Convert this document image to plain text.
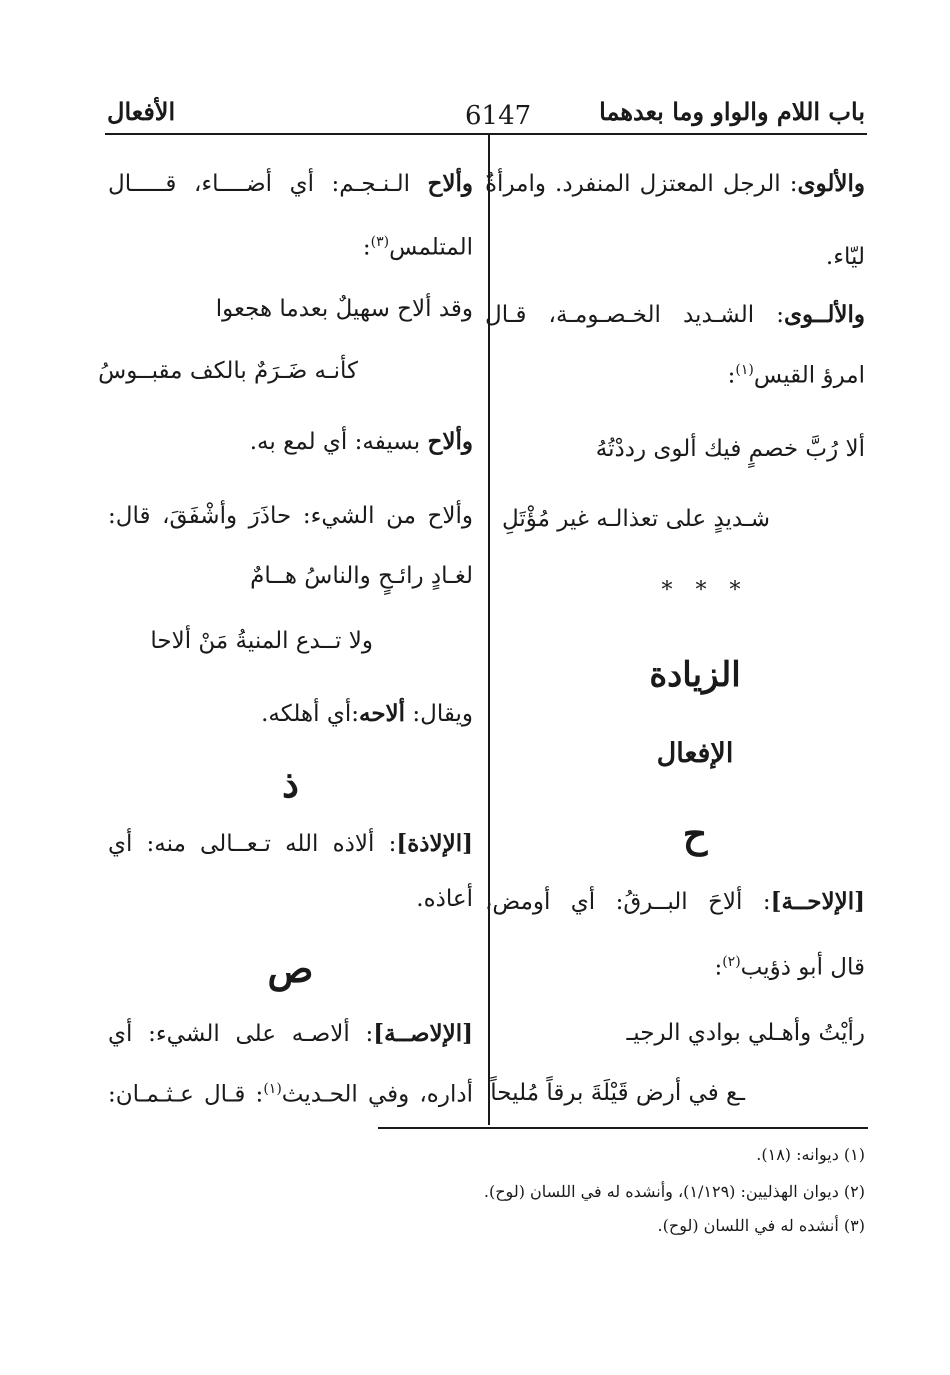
باب اللام والواو وما بعدهما
6147
الأفعال
والألوى: الرجل المعتزل المنفرد. وامرأةٌ
ليّاء.
والألــوى: الشـديد الخـصـومـة، قـال
امرؤ القيس$^{(١)}$:
ألا رُبَّ خصمٍ فيك ألوى رددْتُهُ
شـديدٍ على تعذالـه غير مُؤْتَلِ
* * *
الزيادة
الإفعال
ح
[الإلاحــة]: ألاحَ البــرقُ: أي أومض،
قال أبو ذؤيب$^{(٢)}$:
رأيْتُ وأهـلي بوادي الرجيـ
ـع في أرض قَيْلَةَ برقاً مُليحاً
وألاح الـنـجـم: أي أضــــاء، قـــــال
المتلمس$^{(٣)}$:
وقد ألاح سهيلٌ بعدما هجعوا
كأنـه ضَـرَمٌ بالكف مقبــوسُ
وألاح بسيفه: أي لمع به.
وألاح من الشيء: حاذَرَ وأشْفَقَ، قال:
لغـادٍ رائـحٍ والناسُ هــامٌ
ولا تــدع المنيةُ مَنْ ألاحا
ويقال: ألاحه:أي أهلكه.
ذ
[الإلاذة]: ألاذه الله تـعــالى منه: أي
أعاذه.
ص
[الإلاصــة]: ألاصـه على الشيء: أي
أداره، وفي الحـديث$^{(١)}$: قـال عـثـمـان:
(١) ديوانه: (١٨).
(٢) ديوان الهذليين: (١/١٢٩)، وأنشده له في اللسان (لوح).
(٣) أنشده له في اللسان (لوح).
